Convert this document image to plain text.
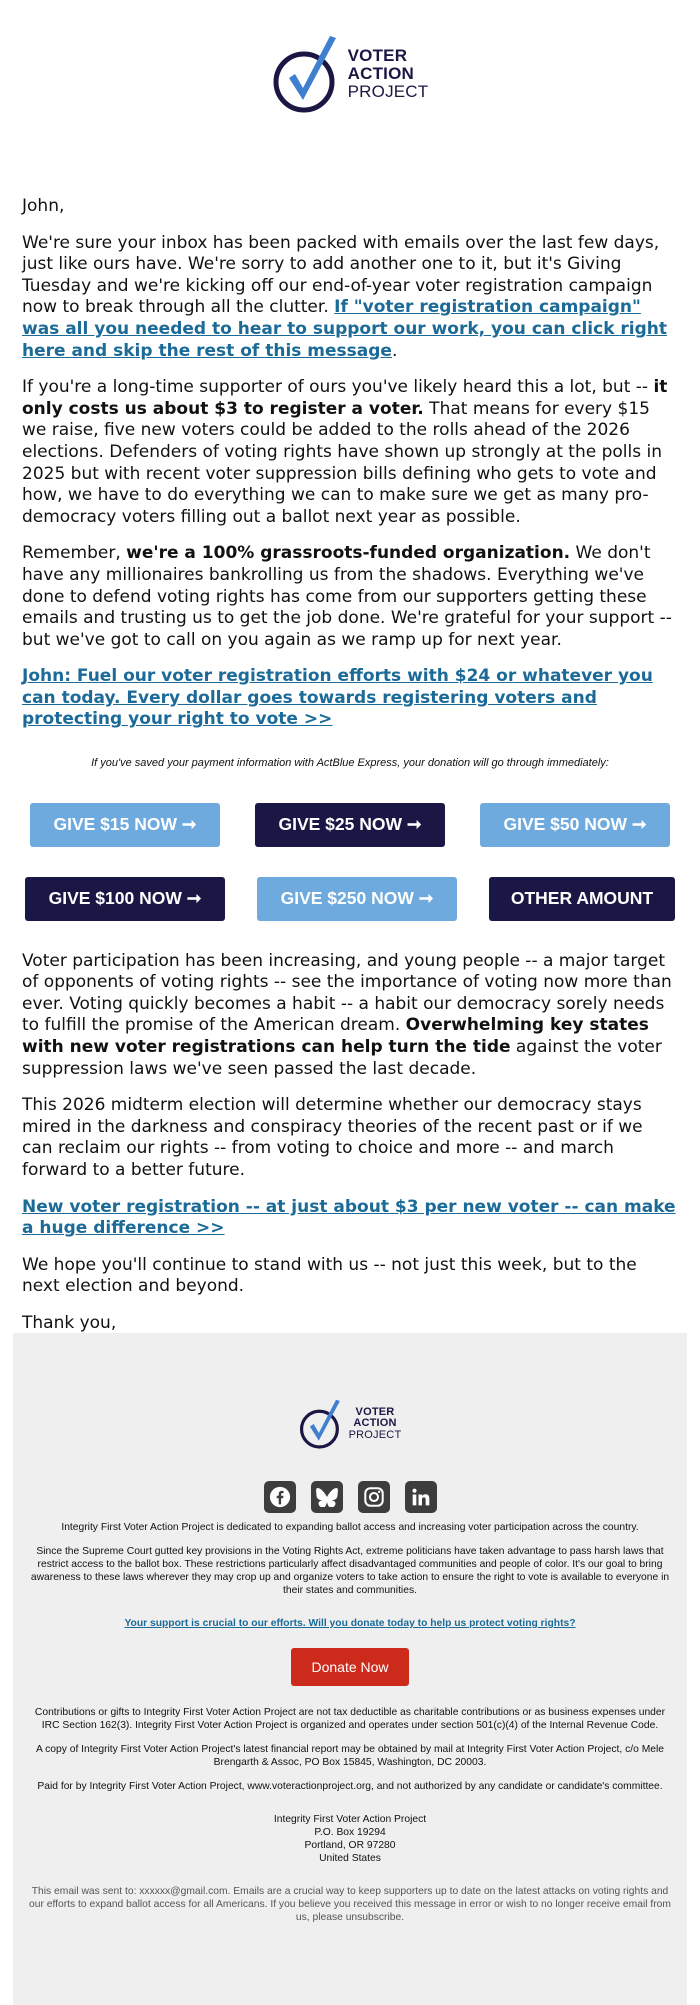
VOTER
ACTION
PROJECT

John,

We're sure your inbox has been packed with emails over the last few days, just like ours have. We're sorry to add another one to it, but it's Giving Tuesday and we're kicking off our end-of-year voter registration campaign now to break through all the clutter. If "voter registration campaign" was all you needed to hear to support our work, you can click right here and skip the rest of this message.

If you're a long-time supporter of ours you've likely heard this a lot, but -- it only costs us about $3 to register a voter. That means for every $15 we raise, five new voters could be added to the rolls ahead of the 2026 elections. Defenders of voting rights have shown up strongly at the polls in 2025 but with recent voter suppression bills defining who gets to vote and how, we have to do everything we can to make sure we get as many pro-democracy voters filling out a ballot next year as possible.

Remember, we're a 100% grassroots-funded organization. We don't have any millionaires bankrolling us from the shadows. Everything we've done to defend voting rights has come from our supporters getting these emails and trusting us to get the job done. We're grateful for your support -- but we've got to call on you again as we ramp up for next year.

John: Fuel our voter registration efforts with $24 or whatever you can today. Every dollar goes towards registering voters and protecting your right to vote >>

If you've saved your payment information with ActBlue Express, your donation will go through immediately:
GIVE $15 NOW ➞	GIVE $25 NOW ➞	GIVE $50 NOW ➞
GIVE $100 NOW ➞	GIVE $250 NOW ➞	OTHER AMOUNT

Voter participation has been increasing, and young people -- a major target of opponents of voting rights -- see the importance of voting now more than ever. Voting quickly becomes a habit -- a habit our democracy sorely needs to fulfill the promise of the American dream. Overwhelming key states with new voter registrations can help turn the tide against the voter suppression laws we've seen passed the last decade.

This 2026 midterm election will determine whether our democracy stays mired in the darkness and conspiracy theories of the recent past or if we can reclaim our rights -- from voting to choice and more -- and march forward to a better future.

New voter registration -- at just about $3 per new voter -- can make a huge difference >>

We hope you'll continue to stand with us -- not just this week, but to the next election and beyond.

Thank you,

VOTER
ACTION
PROJECT

Integrity First Voter Action Project is dedicated to expanding ballot access and increasing voter participation across the country.

Since the Supreme Court gutted key provisions in the Voting Rights Act, extreme politicians have taken advantage to pass harsh laws that restrict access to the ballot box. These restrictions particularly affect disadvantaged communities and people of color. It's our goal to bring awareness to these laws wherever they may crop up and organize voters to take action to ensure the right to vote is available to everyone in their states and communities.

Your support is crucial to our efforts. Will you donate today to help us protect voting rights?

Donate Now

Contributions or gifts to Integrity First Voter Action Project are not tax deductible as charitable contributions or as business expenses under IRC Section 162(3). Integrity First Voter Action Project is organized and operates under section 501(c)(4) of the Internal Revenue Code.

A copy of Integrity First Voter Action Project's latest financial report may be obtained by mail at Integrity First Voter Action Project, c/o Mele Brengarth & Assoc, PO Box 15845, Washington, DC 20003.

Paid for by Integrity First Voter Action Project, www.voteractionproject.org, and not authorized by any candidate or candidate's committee.

Integrity First Voter Action Project
P.O. Box 19294
Portland, OR 97280
United States

This email was sent to: xxxxxx@gmail.com. Emails are a crucial way to keep supporters up to date on the latest attacks on voting rights and our efforts to expand ballot access for all Americans. If you believe you received this message in error or wish to no longer receive email from us, please unsubscribe.
